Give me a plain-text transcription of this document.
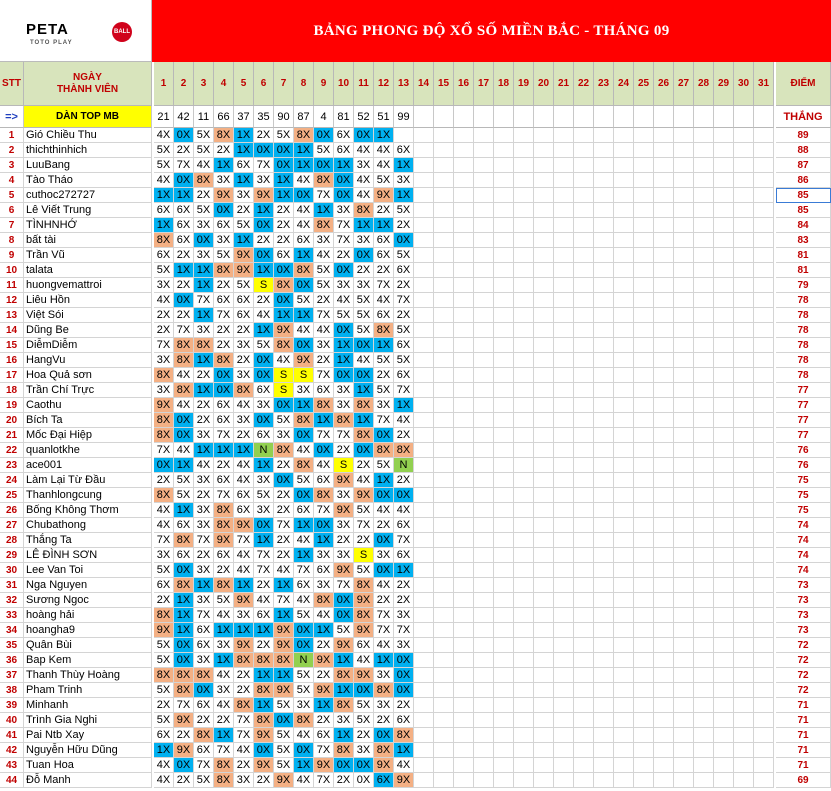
PETA	BALL
TOTO PLAY
BẢNG PHONG ĐỘ XỔ SỐ MIỀN BẮC - THÁNG 09
STT
NGÀY
THÀNH VIÊN
1	2	3	4	5	6	7	8	9	10 11 12 13 14 15 16 17 18 19 20 21 22 23 24 25 26 27 28 29 30 31	ĐIỂM
=>	DÀN TOP MB	21 42 11 66 37 35 90 87 4 81 52 51 99	THẮNG
1	Gió Chiều Thu	4X 0X 5X 8X 1X 2X 5X 8X 0X 6X 0X 1X	89
2	thichthinhich	5X 2X 5X 2X 1X 0X 0X 1X 5X 6X 4X 4X 6X	88
3	LuuBang	5X 7X 4X 1X 6X 7X 0X 1X 0X 1X 3X 4X 1X	87
4	Tào Tháo	4X 0X 8X 3X 1X 3X 1X 4X 8X 0X 4X 5X 3X	86
5	cuthoc272727	1X 1X 2X 9X 3X 9X 1X 0X 7X 0X 4X 9X 1X	85
6	Lê Viết Trung	6X 6X 5X 0X 2X 1X 2X 4X 1X 3X 8X 2X 5X	85
7	TÌNHNHỚ	1X 6X 3X 6X 5X 0X 2X 4X 8X 7X 1X 1X 2X	84
8	bất tài	8X 6X 0X 3X 1X 2X 2X 6X 3X 7X 3X 6X 0X	83
9	Trần Vũ	6X 2X 3X 5X 9X 0X 6X 1X 4X 2X 0X 6X 5X	81
10 talata	5X 1X 1X 8X 9X 1X 0X 8X 5X 0X 2X 2X 6X	81
11 huongvemattroi	3X 2X 1X 2X 5X S 8X 0X 5X 3X 3X 7X 2X	79
12 Liêu Hồn	4X 0X 7X 6X 6X 2X 0X 5X 2X 4X 5X 4X 7X	78
13 Việt Sói	2X 2X 1X 7X 6X 4X 1X 1X 7X 5X 5X 6X 2X	78
14 Dũng Be	2X 7X 3X 2X 2X 1X 9X 4X 4X 0X 5X 8X 5X	78
15 DiễmDiễm	7X 8X 8X 2X 3X 5X 8X 0X 3X 1X 0X 1X 6X	78
16 HangVu	3X 8X 1X 8X 2X 0X 4X 9X 2X 1X 4X 5X 5X	78
17 Hoa Quả sơn	8X 4X 2X 0X 3X 0X S	S 7X 0X 0X 2X 6X	78
18 Trần Chí Trực	3X 8X 1X 0X 8X 6X S 3X 6X 3X 1X 5X 7X	77
19 Caothu	9X 4X 2X 6X 4X 3X 0X 1X 8X 3X 8X 3X 1X	77
20 Bích Ta	8X 0X 2X 6X 3X 0X 5X 8X 1X 8X 1X 7X 4X	77
21 Mốc Đại Hiệp	8X 0X 3X 7X 2X 6X 3X 0X 7X 7X 8X 0X 2X	77
22 quanlotkhe	7X 4X 1X 1X 1X N 8X 4X 0X 2X 0X 8X 8X	76
23 ace001	0X 1X 4X 2X 4X 1X 2X 8X 4X S 2X 5X N	76
24 Làm Lại Từ Đầu	2X 5X 3X 6X 4X 3X 0X 5X 6X 9X 4X 1X 2X	75
25 Thanhlongcung	8X 5X 2X 7X 6X 5X 2X 0X 8X 3X 9X 0X 0X	75
26 Bống Không Thơm	4X 1X 3X 8X 6X 3X 2X 6X 7X 9X 5X 4X 4X	75
27 Chubathong	4X 6X 3X 8X 9X 0X 7X 1X 0X 3X 7X 2X 6X	74
28 Thắng Ta	7X 8X 7X 9X 7X 1X 2X 4X 1X 2X 2X 0X 7X	74
29 LÊ ĐÌNH SƠN	3X 6X 2X 6X 4X 7X 2X 1X 3X 3X S 3X 6X	74
30 Lee Van Toi	5X 0X 3X 2X 4X 7X 4X 7X 6X 9X 5X 0X 1X	74
31 Nga Nguyen	6X 8X 1X 8X 1X 2X 1X 6X 3X 7X 8X 4X 2X	73
32 Sương Ngoc	2X 1X 3X 5X 9X 4X 7X 4X 8X 0X 9X 2X 2X	73
33 hoàng hải	8X 1X 7X 4X 3X 6X 1X 5X 4X 0X 8X 7X 3X	73
34 hoangha9	9X 1X 6X 1X 1X 1X 9X 0X 1X 5X 9X 7X 7X	73
35 Quân Bùi	5X 0X 6X 3X 9X 2X 9X 0X 2X 9X 6X 4X 3X	72
36 Bap Kem	5X 0X 3X 1X 8X 8X 8X N 9X 1X 4X 1X 0X	72
37 Thanh Thùy Hoàng	8X 8X 8X 4X 2X 1X 1X 5X 2X 8X 9X 3X 0X	72
38 Pham Trinh	5X 8X 0X 3X 2X 8X 9X 5X 9X 1X 0X 8X 0X	72
39 Minhanh	2X 7X 6X 4X 8X 1X 5X 3X 1X 8X 5X 3X 2X	71
40 Trình Gia Nghi	5X 9X 2X 2X 7X 8X 0X 8X 2X 3X 5X 2X 6X	71
41 Pai Ntb Xay	6X 2X 8X 1X 7X 9X 5X 4X 6X 1X 2X 0X 8X	71
42 Nguyễn Hữu Dũng	1X 9X 6X 7X 4X 0X 5X 0X 7X 8X 3X 8X 1X	71
43 Tuan Hoa	4X 0X 7X 8X 2X 9X 5X 1X 9X 0X 0X 9X 4X	71
44 Đỗ Manh	4X 2X 5X 8X 3X 2X 9X 4X 7X 2X 0X 6X 9X	69
